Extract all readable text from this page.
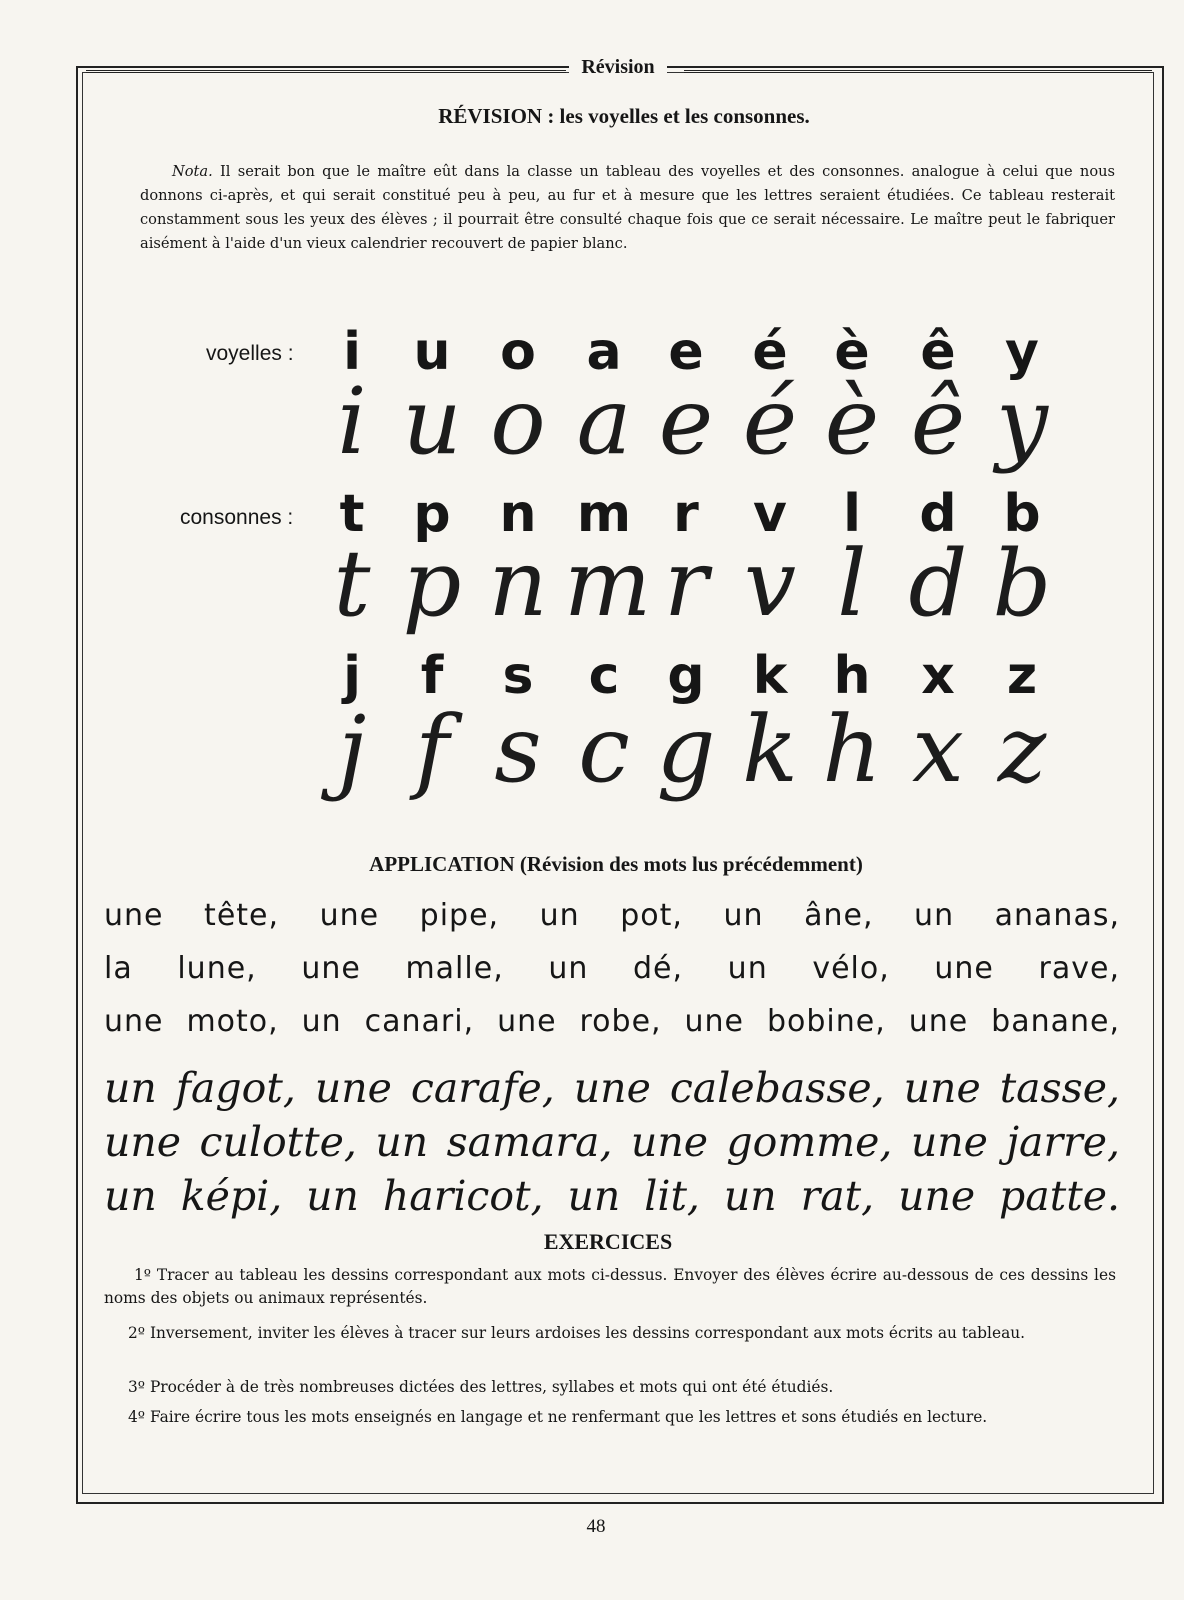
Révision
RÉVISION : les voyelles et les consonnes.
Nota. Il serait bon que le maître eût dans la classe un tableau des voyelles et des consonnes. analogue à celui que nous donnons ci-après, et qui serait constitué peu à peu, au fur et à mesure que les lettres seraient étudiées. Ce tableau resterait constamment sous les yeux des élèves ; il pourrait être consulté chaque fois que ce serait nécessaire. Le maître peut le fabriquer aisément à l'aide d'un vieux calendrier recouvert de papier blanc.
voyelles :
consonnes :
i	u o a e é è ê y
i u o a e é è ê y
t p n m r	v	l	d b
t p n m r v l d b
j	f	s c g k h x z
j f s c g k h x z
APPLICATION (Révision des mots lus précédemment)
une tête, une pipe, un pot, un âne, un ananas,
la lune, une malle, un dé, un vélo, une rave,
une moto, un canari, une robe, une bobine, une banane,
un fagot, une carafe, une calebasse, une tasse,
une culotte, un samara, une gomme, une jarre,
un képi, un haricot, un lit, un rat, une patte.
EXERCICES
1º Tracer au tableau les dessins correspondant aux mots ci-dessus. Envoyer des élèves écrire au-dessous de ces dessins les noms des objets ou animaux représentés.
2º Inversement, inviter les élèves à tracer sur leurs ardoises les dessins correspondant aux mots écrits au tableau.
3º Procéder à de très nombreuses dictées des lettres, syllabes et mots qui ont été étudiés.
4º Faire écrire tous les mots enseignés en langage et ne renfermant que les lettres et sons étudiés en lecture.
48
